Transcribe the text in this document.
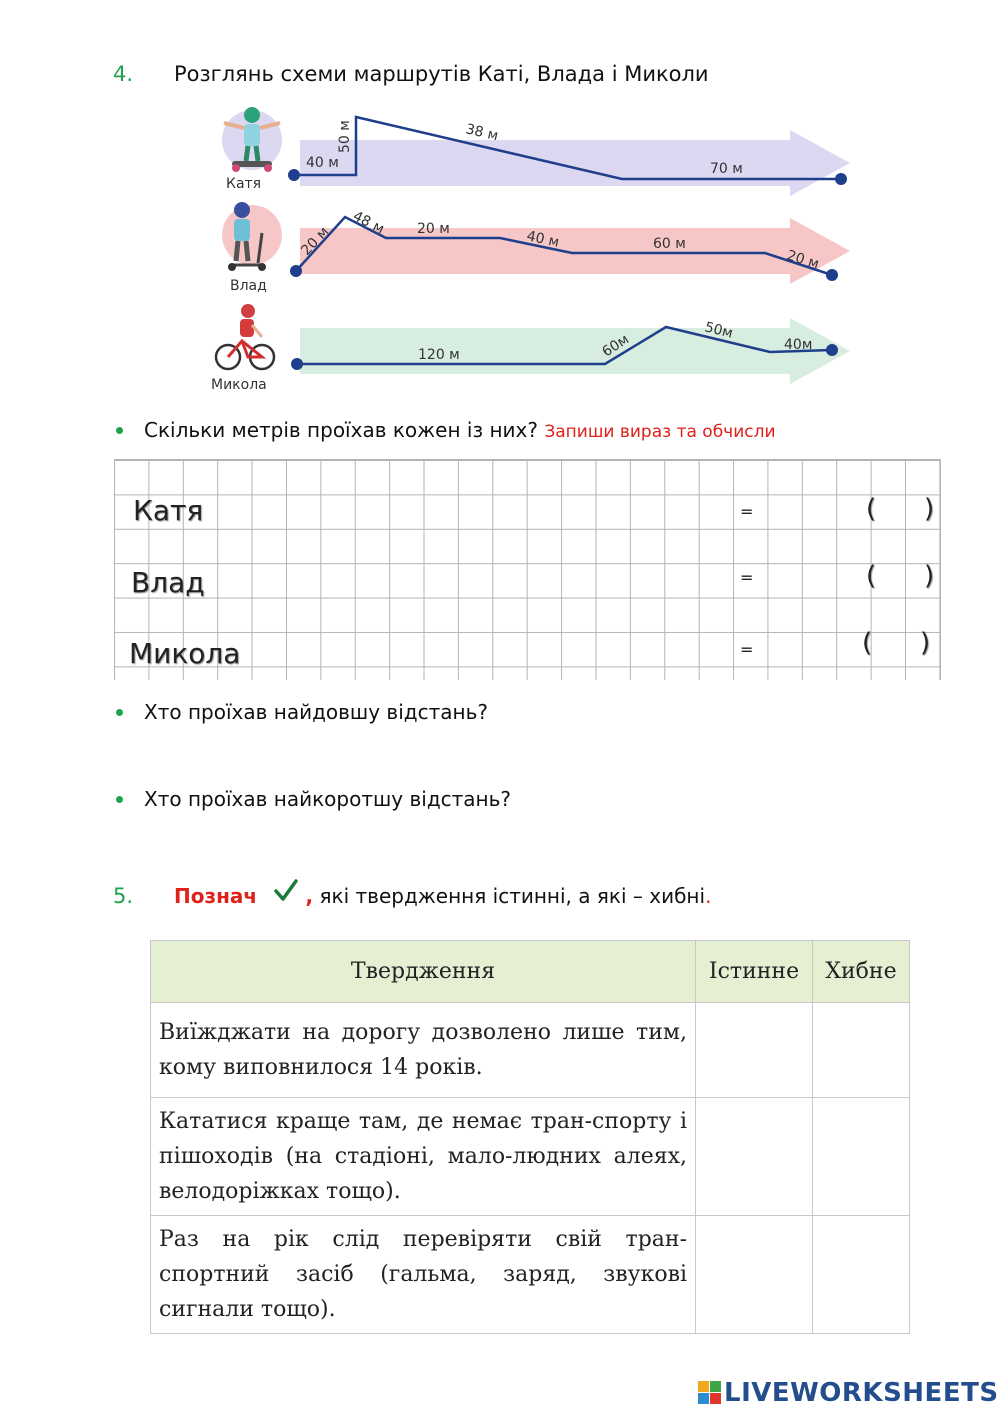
4. Розглянь схеми маршрутів Каті, Влада і Миколи
40 м
50 м	38 м
70 м
Катя
20 м
48 м 20 м	40 м	60 м
20 м
Влад
120 м	60м
50м
40м
Микола
Скільки метрів проїхав кожен із них? Запиши вираз та обчисли
Катя	=	( )
Влад	=	( )
Микола	=	( )
Хто проїхав найдовшу відстань?
Хто проїхав найкоротшу відстань?
5. Познач , які твердження істинні, а які – хибні.
Твердження	Істинне	Хибне
Виїжджати на дорогу дозволено лише тим, кому виповнилося 14 років.		
Кататися краще там, де немає тран-спорту і пішоходів (на стадіоні, мало-людних алеях, велодоріжках тощо).		
Раз на рік слід перевіряти свій тран-спортний засіб (гальма, заряд, звукові сигнали тощо).		
LIVEWORKSHEETS
